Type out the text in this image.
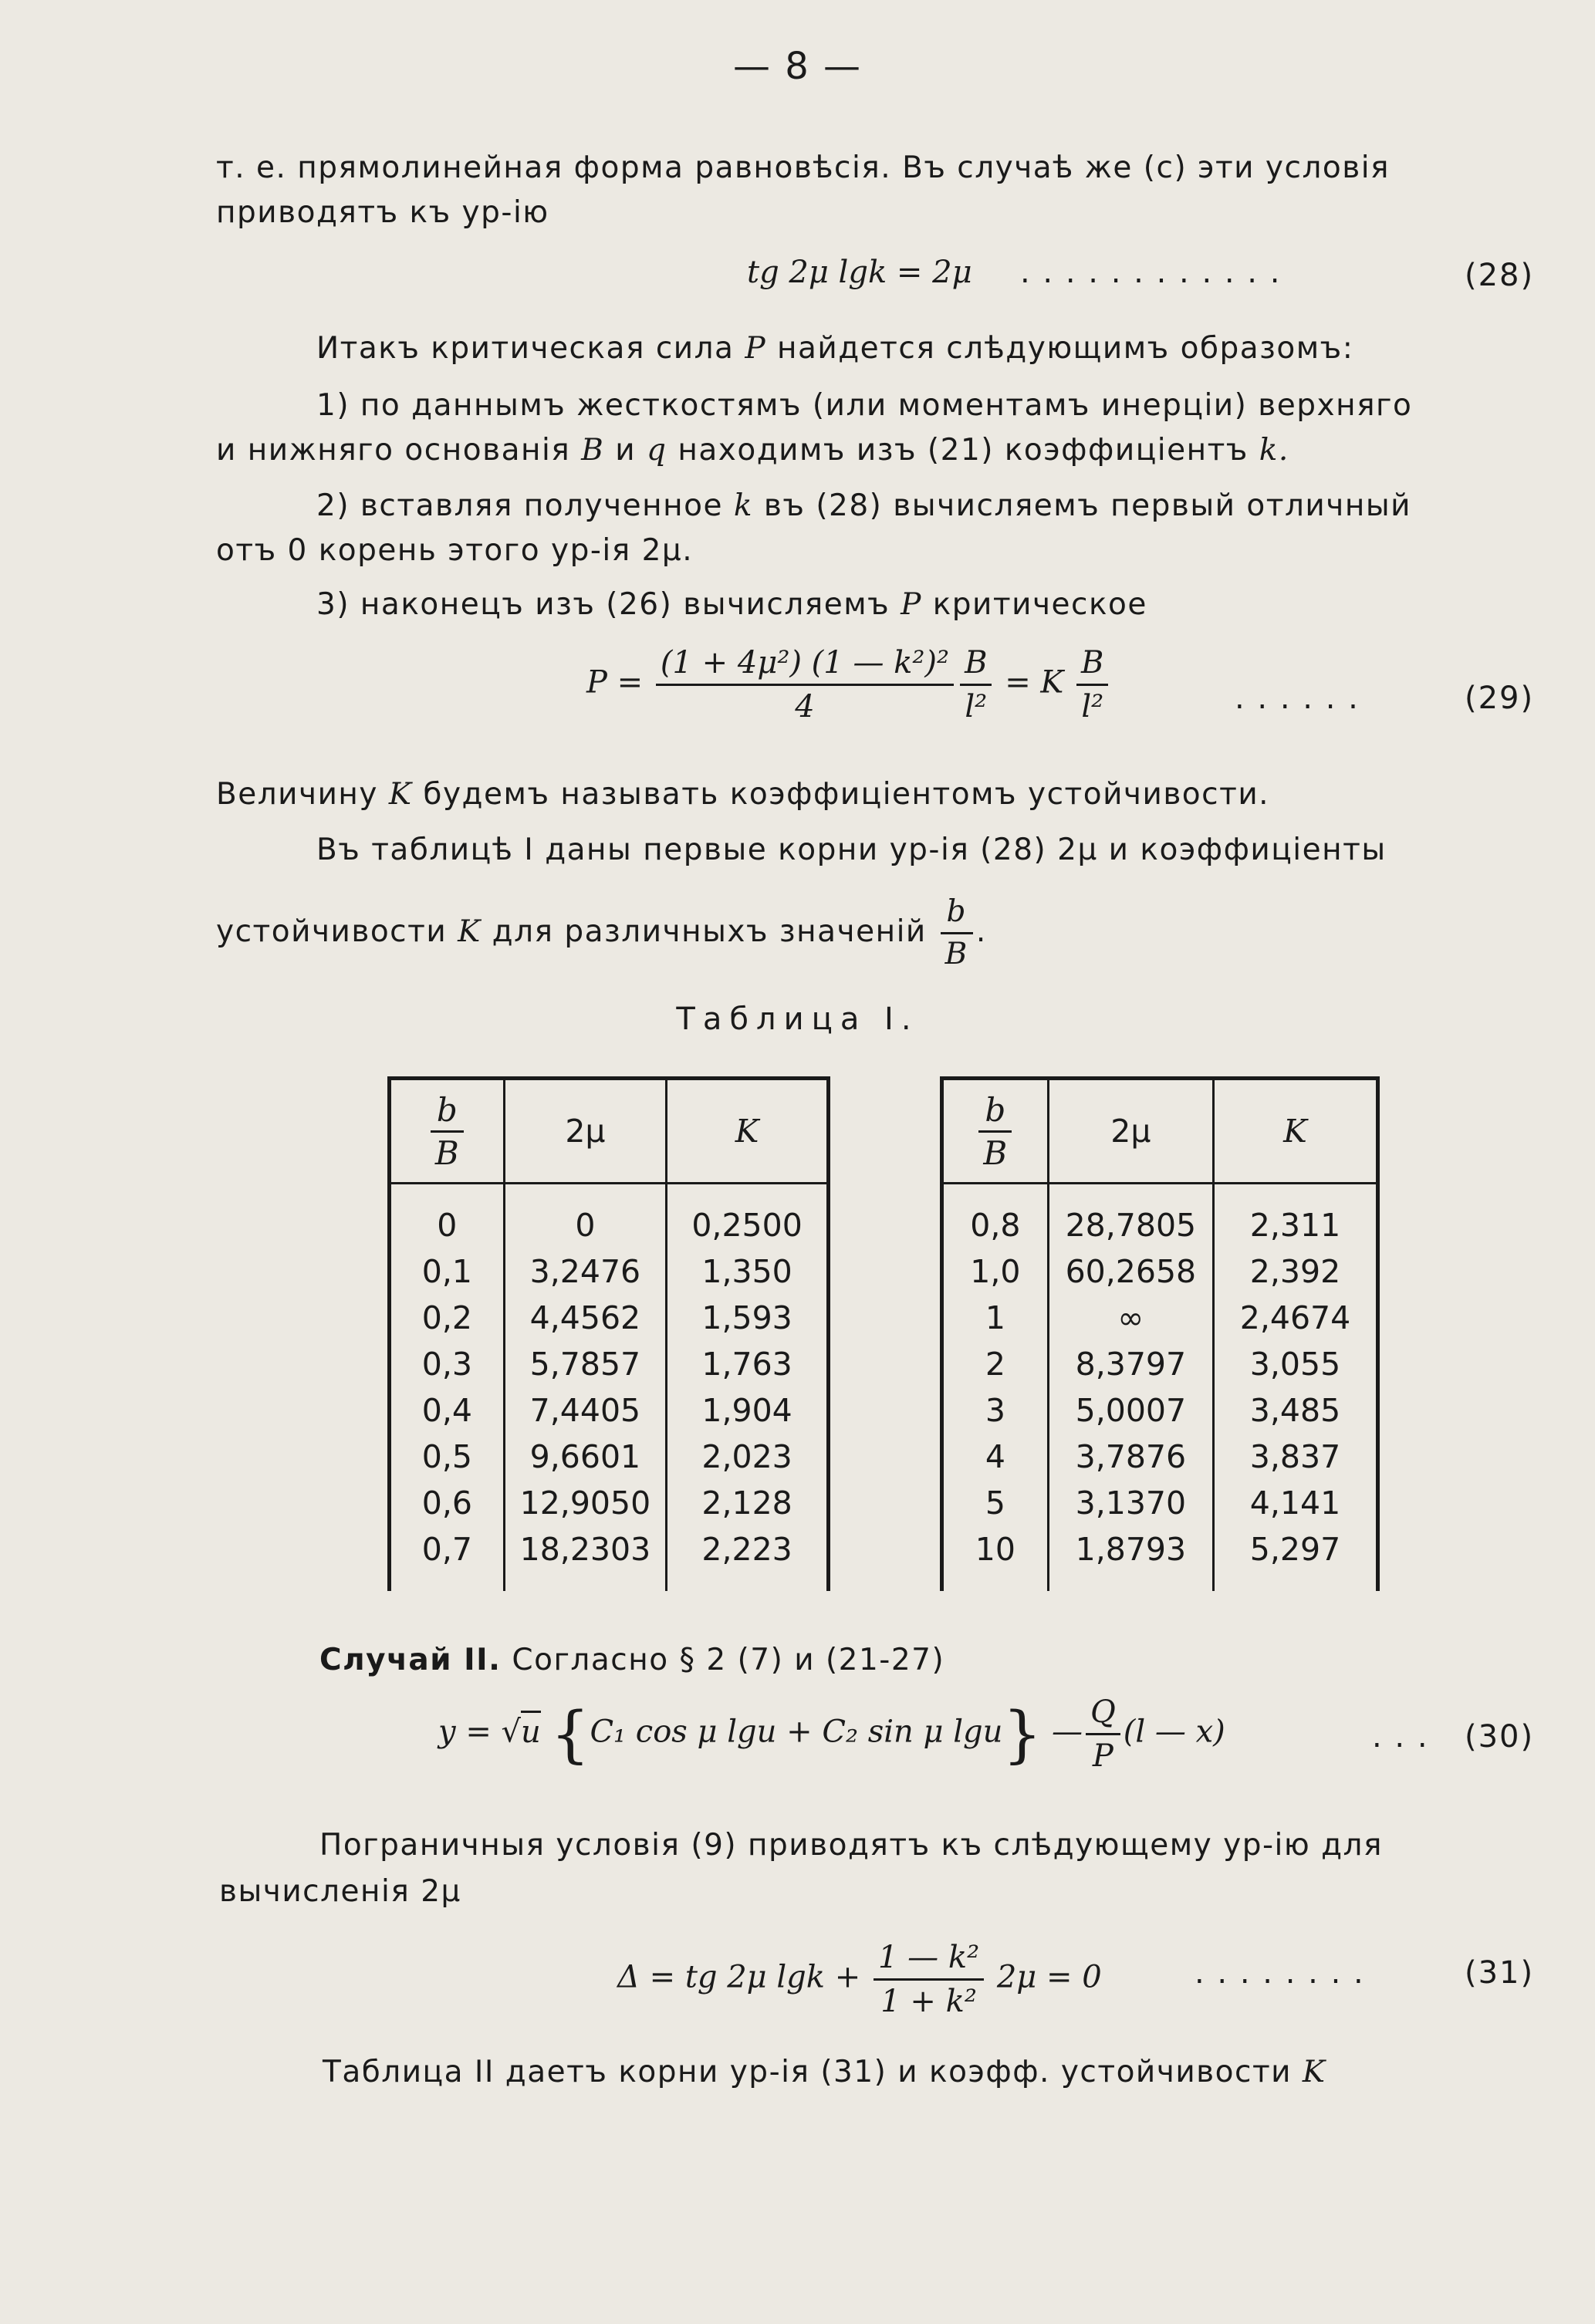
— 8 —
т. е. прямолинейная форма равновѣсія. Въ случаѣ же (с) эти условія
приводятъ къ ур-iю
tg 2μ lgk = 2μ . . . . . . . . . . . .	(28)
Итакъ критическая сила P найдется слѣдующимъ образомъ:
1) по даннымъ жесткостямъ (или моментамъ инерціи) верхняго
и нижняго основанія B и q находимъ изъ (21) коэффиціентъ k.
2) вставляя полученное k въ (28) вычисляемъ первый отличный
отъ 0 корень этого ур-iя 2μ.
3) наконецъ изъ (26) вычисляемъ P критическое
$P = \frac{\text{(1 + 4μ²) (1 — k²)²}}{4} \frac{B}{\text{l²}} = K \frac{B}{\text{l²}}$	. . . . . .	(29)
Величину K будемъ называть коэффиціентомъ устойчивости.
Въ таблицѣ I даны первые корни ур-iя (28) 2μ и коэффиціенты
устойчивости K для различныхъ значеній $\frac{b}{B}$ .
Таблица I.
$\frac{b}{B}$	2μ	K

0	0	0,2500
0,1	3,2476	1,350
0,2	4,4562	1,593
0,3	5,7857	1,763
0,4	7,4405	1,904
0,5	9,6601	2,023
0,6	12,9050	2,128
0,7	18,2303	2,223

$\frac{b}{B}$	2μ	K

0,8	28,7805	2,311
1,0	60,2658	2,392
1	∞	2,4674
2	8,3797	3,055
3	5,0007	3,485
4	3,7876	3,837
5	3,1370	4,141
10	1,8793	5,297

Случай II. Согласно § 2 (7) и (21-27)
y = √u {C₁ cos μ lgu + C₂ sin μ lgu} — $\frac{Q}{P} (l$ — x)	. . . (30)
Пограничныя условія (9) приводятъ къ слѣдующему ур-iю для
вычисленія 2μ
Δ = tg 2μ $\lg k + \frac{\text{1 — k²}}{\text{1 + k²}} 2\mu = 0$	. . . . . . . .	(31)
Таблица II даетъ корни ур-iя (31) и коэфф. устойчивости K
